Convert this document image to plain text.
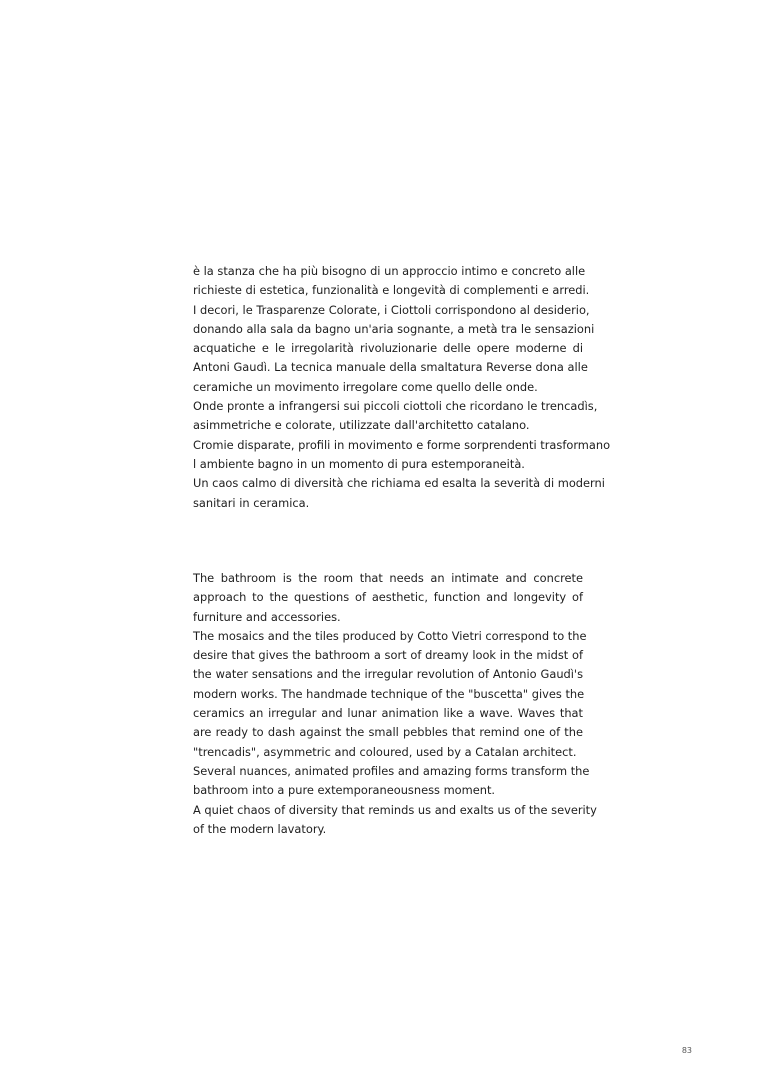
è la stanza che ha più bisogno di un approccio intimo e concreto alle
richieste di estetica, funzionalità e longevità di complementi e arredi.
I decori, le Trasparenze Colorate, i Ciottoli corrispondono al desiderio,
donando alla sala da bagno un'aria sognante, a metà tra le sensazioni
acquatiche e le irregolarità rivoluzionarie delle opere moderne di
Antoni Gaudì. La tecnica manuale della smaltatura Reverse dona alle
ceramiche un movimento irregolare come quello delle onde.
Onde pronte a infrangersi sui piccoli ciottoli che ricordano le trencadìs,
asimmetriche e colorate, utilizzate dall'architetto catalano.
Cromie disparate, profili in movimento e forme sorprendenti trasformano
l ambiente bagno in un momento di pura estemporaneità.
Un caos calmo di diversità che richiama ed esalta la severità di moderni
sanitari in ceramica.
The bathroom is the room that needs an intimate and concrete
approach to the questions of aesthetic, function and longevity of
furniture and accessories.
The mosaics and the tiles produced by Cotto Vietri correspond to the
desire that gives the bathroom a sort of dreamy look in the midst of
the water sensations and the irregular revolution of Antonio Gaudì's
modern works. The handmade technique of the "buscetta" gives the
ceramics an irregular and lunar animation like a wave. Waves that
are ready to dash against the small pebbles that remind one of the
"trencadis", asymmetric and coloured, used by a Catalan architect.
Several nuances, animated profiles and amazing forms transform the
bathroom into a pure extemporaneousness moment.
A quiet chaos of diversity that reminds us and exalts us of the severity
of the modern lavatory.
83
